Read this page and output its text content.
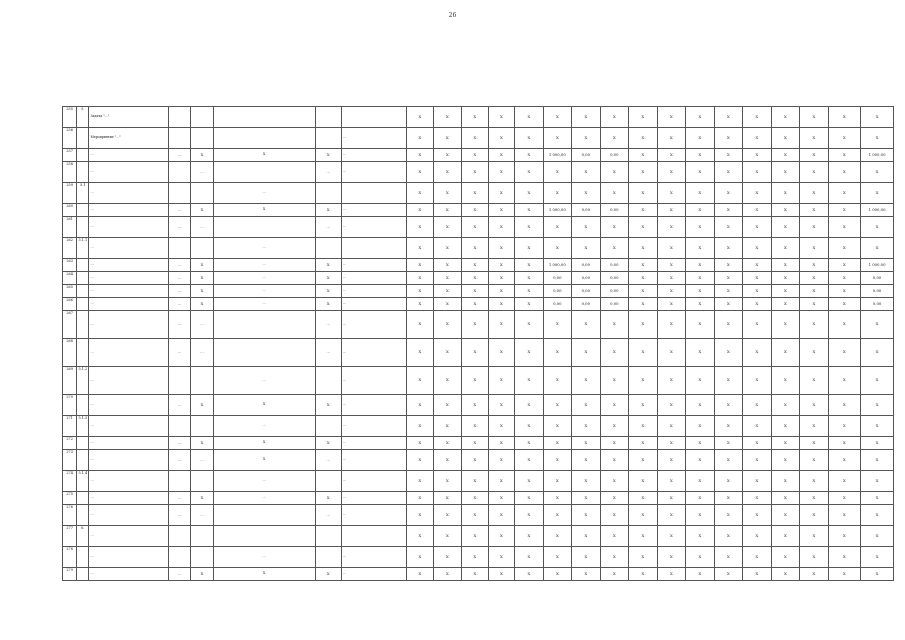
26
255	5.	Задача "…"						Х	Х	Х	Х	Х	Х	Х	Х	Х	Х	Х	Х	Х	Х	Х	Х	Х
256		Мероприятие "…"					…	Х	Х	Х	Х	Х	Х	Х	Х	Х	Х	Х	Х	Х	Х	Х	Х	Х
257		…	…	Х	Х	Х	…	Х	Х	Х	Х	Х	1 000,00	0,00	0,00	Х	Х	Х	Х	Х	Х	Х	Х	1 000,00
258		…		…		…	…	Х	Х	Х	Х	Х	Х	Х	Х	Х	Х	Х	Х	Х	Х	Х	Х	Х
259	5.1	…			…			Х	Х	Х	Х	Х	Х	Х	Х	Х	Х	Х	Х	Х	Х	Х	Х	Х
260		…	…	Х	Х	Х	…	Х	Х	Х	Х	Х	1 000,00	0,00	0,00	Х	Х	Х	Х	Х	Х	Х	Х	1 000,00
261		…	…	…		…	…	Х	Х	Х	Х	Х	Х	Х	Х	Х	Х	Х	Х	Х	Х	Х	Х	Х
262	5.1.1	…			…			Х	Х	Х	Х	Х	Х	Х	Х	Х	Х	Х	Х	Х	Х	Х	Х	Х
263		…	…	Х	…	Х	…	Х	Х	Х	Х	Х	1 000,00	0,00	0,00	Х	Х	Х	Х	Х	Х	Х	Х	1 000,00
264		…	…	Х	…	Х	…	Х	Х	Х	Х	Х	0,00	0,00	0,00	Х	Х	Х	Х	Х	Х	Х	Х	0,00
265		…	…	Х	…	Х	…	Х	Х	Х	Х	Х	0,00	0,00	0,00	Х	Х	Х	Х	Х	Х	Х	Х	0,00
266		…	…	Х	…	Х	…	Х	Х	Х	Х	Х	0,00	0,00	0,00	Х	Х	Х	Х	Х	Х	Х	Х	0,00
267		…	…	…		…	…	Х	Х	Х	Х	Х	Х	Х	Х	Х	Х	Х	Х	Х	Х	Х	Х	Х
268		…	…	…		…	…	Х	Х	Х	Х	Х	Х	Х	Х	Х	Х	Х	Х	Х	Х	Х	Х	Х
269	5.1.2	…			…		…	Х	Х	Х	Х	Х	Х	Х	Х	Х	Х	Х	Х	Х	Х	Х	Х	Х
270		…	…	Х	Х	Х	…	Х	Х	Х	Х	Х	Х	Х	Х	Х	Х	Х	Х	Х	Х	Х	Х	Х
271	5.1.3	…			…		…	Х	Х	Х	Х	Х	Х	Х	Х	Х	Х	Х	Х	Х	Х	Х	Х	Х
272		…	…	Х	Х	Х	…	Х	Х	Х	Х	Х	Х	Х	Х	Х	Х	Х	Х	Х	Х	Х	Х	Х
273		…	…	…	Х	…	…	Х	Х	Х	Х	Х	Х	Х	Х	Х	Х	Х	Х	Х	Х	Х	Х	Х
274	5.1.4	…			…		…	Х	Х	Х	Х	Х	Х	Х	Х	Х	Х	Х	Х	Х	Х	Х	Х	Х
275		…	…	Х	…	Х	…	Х	Х	Х	Х	Х	Х	Х	Х	Х	Х	Х	Х	Х	Х	Х	Х	Х
276		…	…	…		…	…	Х	Х	Х	Х	Х	Х	Х	Х	Х	Х	Х	Х	Х	Х	Х	Х	Х
277	6.	…						Х	Х	Х	Х	Х	Х	Х	Х	Х	Х	Х	Х	Х	Х	Х	Х	Х
278		…			…		…	Х	Х	Х	Х	Х	Х	Х	Х	Х	Х	Х	Х	Х	Х	Х	Х	Х
279		…	…	Х	Х	Х	…	Х	Х	Х	Х	Х	Х	Х	Х	Х	Х	Х	Х	Х	Х	Х	Х	Х
